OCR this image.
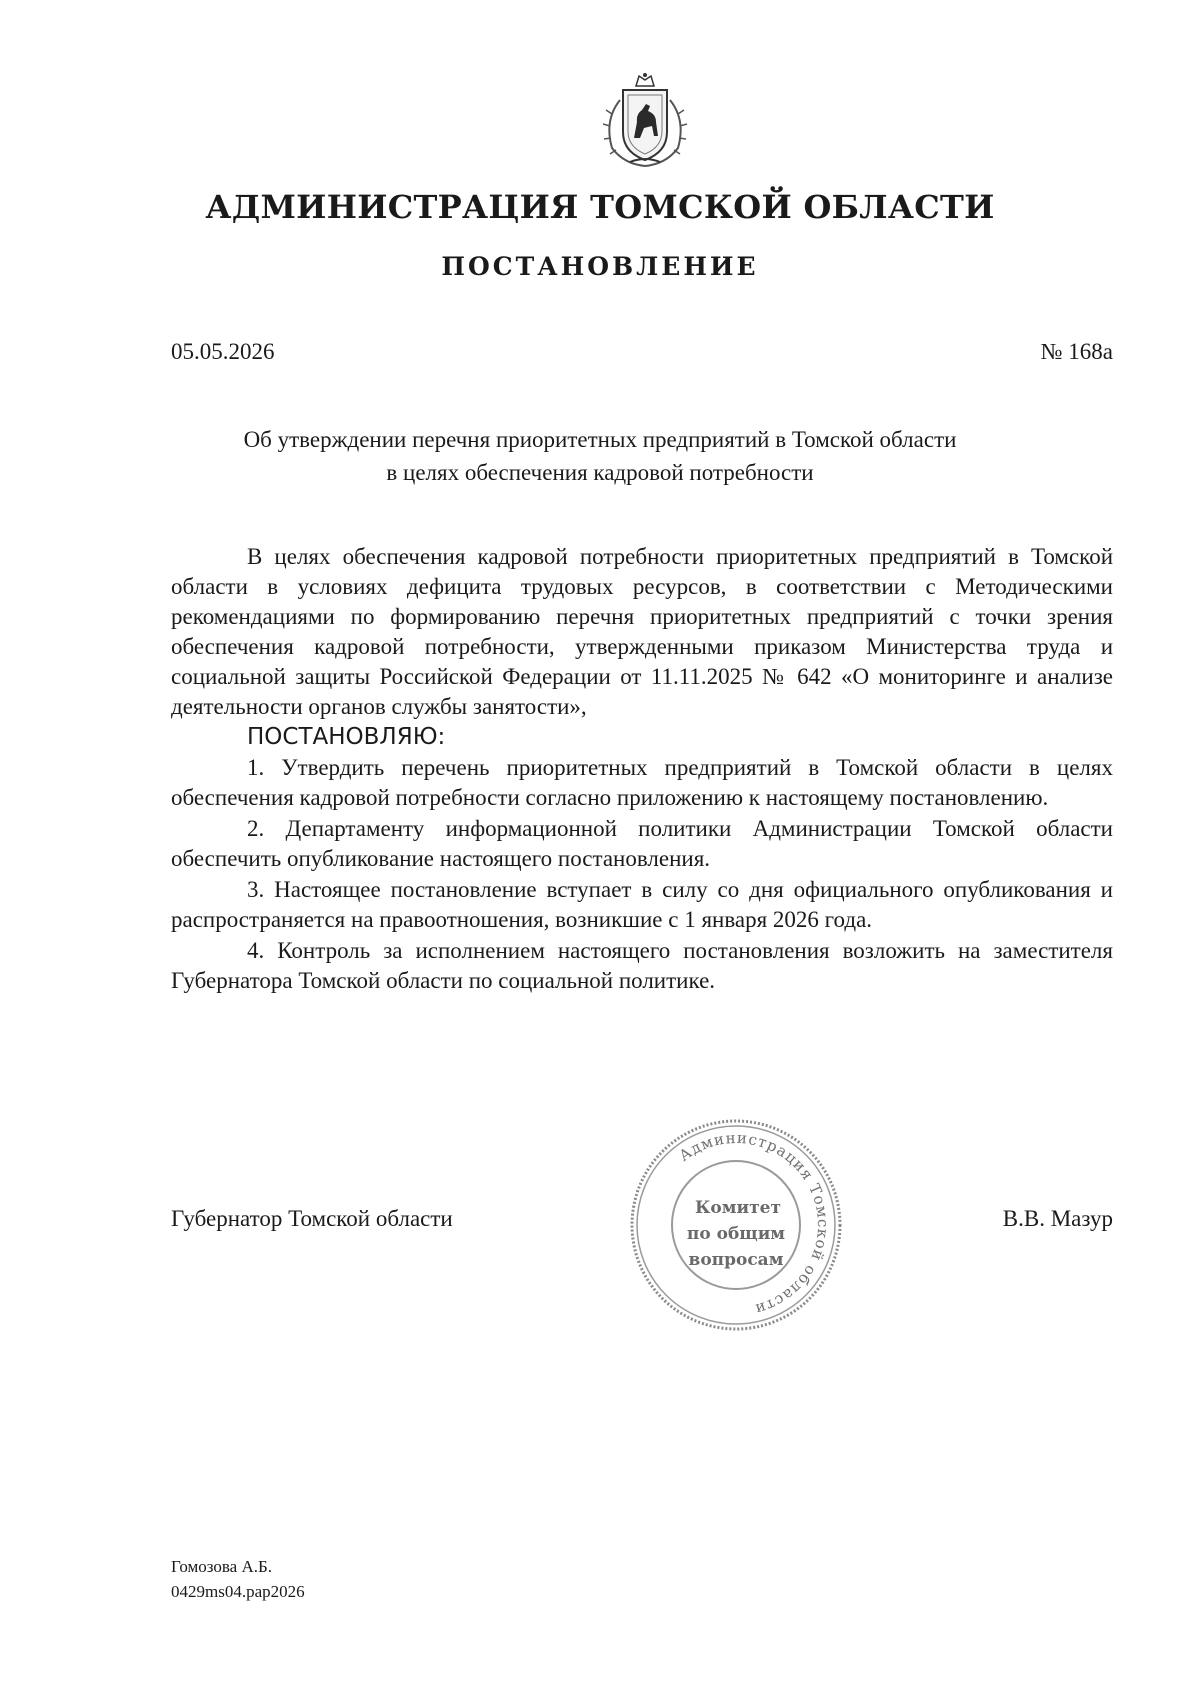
АДМИНИСТРАЦИЯ ТОМСКОЙ ОБЛАСТИ
ПОСТАНОВЛЕНИЕ
05.05.2026	№ 168а
Об утверждении перечня приоритетных предприятий в Томской области
в целях обеспечения кадровой потребности

В целях обеспечения кадровой потребности приоритетных предприятий в Томской области в условиях дефицита трудовых ресурсов, в соответствии с Методическими рекомендациями по формированию перечня приоритетных предприятий с точки зрения обеспечения кадровой потребности, утвержденными приказом Министерства труда и социальной защиты Российской Федерации от 11.11.2025 № 642 «О мониторинге и анализе деятельности органов службы занятости»,

ПОСТАНОВЛЯЮ:

1. Утвердить перечень приоритетных предприятий в Томской области в целях обеспечения кадровой потребности согласно приложению к настоящему постановлению.

2. Департаменту информационной политики Администрации Томской области обеспечить опубликование настоящего постановления.

3. Настоящее постановление вступает в силу со дня официального опубликования и распространяется на правоотношения, возникшие с 1 января 2026 года.

4. Контроль за исполнением настоящего постановления возложить на заместителя Губернатора Томской области по социальной политике.

Губернатор Томской области
Администрация Томской области
Комитет
по общим
вопросам
В.В. Мазур
Гомозова А.Б.
0429ms04.рар2026
